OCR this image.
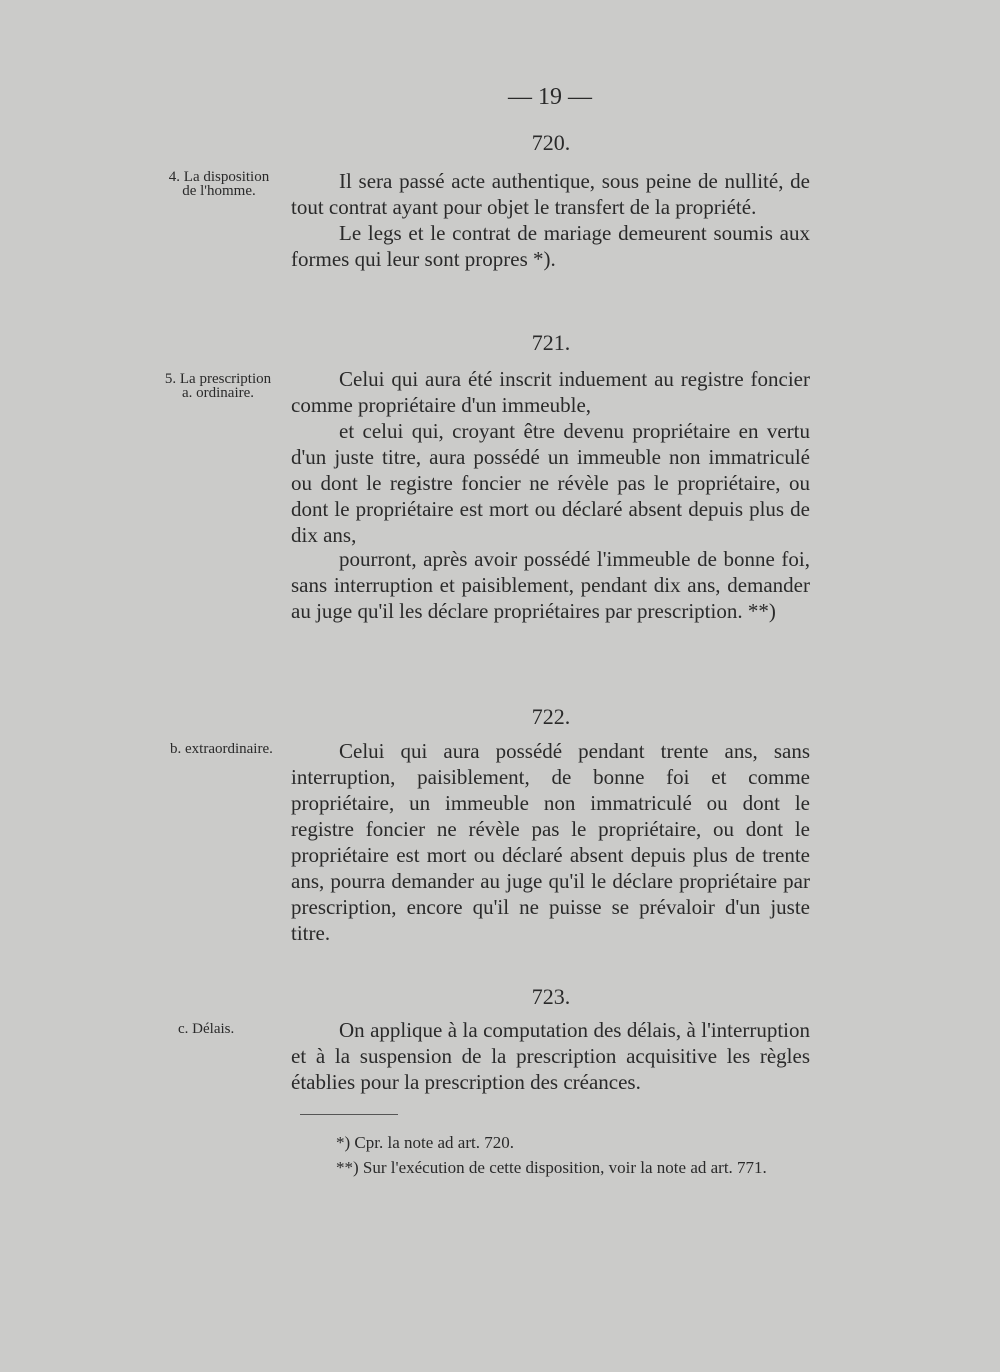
— 19 —
720.
4. La disposition
de l'homme.	Il sera passé acte authentique, sous peine de nullité, de tout contrat ayant pour objet le transfert de la propriété.

Le legs et le contrat de mariage demeurent soumis aux formes qui leur sont propres *).

721.
5. La prescription
a. ordinaire.

Celui qui aura été inscrit induement au registre foncier comme propriétaire d'un immeuble,

et celui qui, croyant être devenu propriétaire en vertu d'un juste titre, aura possédé un immeuble non immatriculé ou dont le registre foncier ne révèle pas le propriétaire, ou dont le propriétaire est mort ou déclaré absent depuis plus de dix ans,

pourront, après avoir possédé l'immeuble de bonne foi, sans interruption et paisiblement, pendant dix ans, demander au juge qu'il les déclare propriétaires par prescription. **)

722.
b. extraordinaire.	Celui qui aura possédé pendant trente ans, sans interruption, paisiblement, de bonne foi et comme propriétaire, un immeuble non immatriculé ou dont le registre foncier ne révèle pas le propriétaire, ou dont le propriétaire est mort ou déclaré absent depuis plus de trente ans, pourra demander au juge qu'il le déclare propriétaire par prescription, encore qu'il ne puisse se prévaloir d'un juste titre.

723.
c. Délais.	On applique à la computation des délais, à l'interruption et à la suspension de la prescription acquisitive les règles établies pour la prescription des créances.

*) Cpr. la note ad art. 720.

**) Sur l'exécution de cette disposition, voir la note ad art. 771.
